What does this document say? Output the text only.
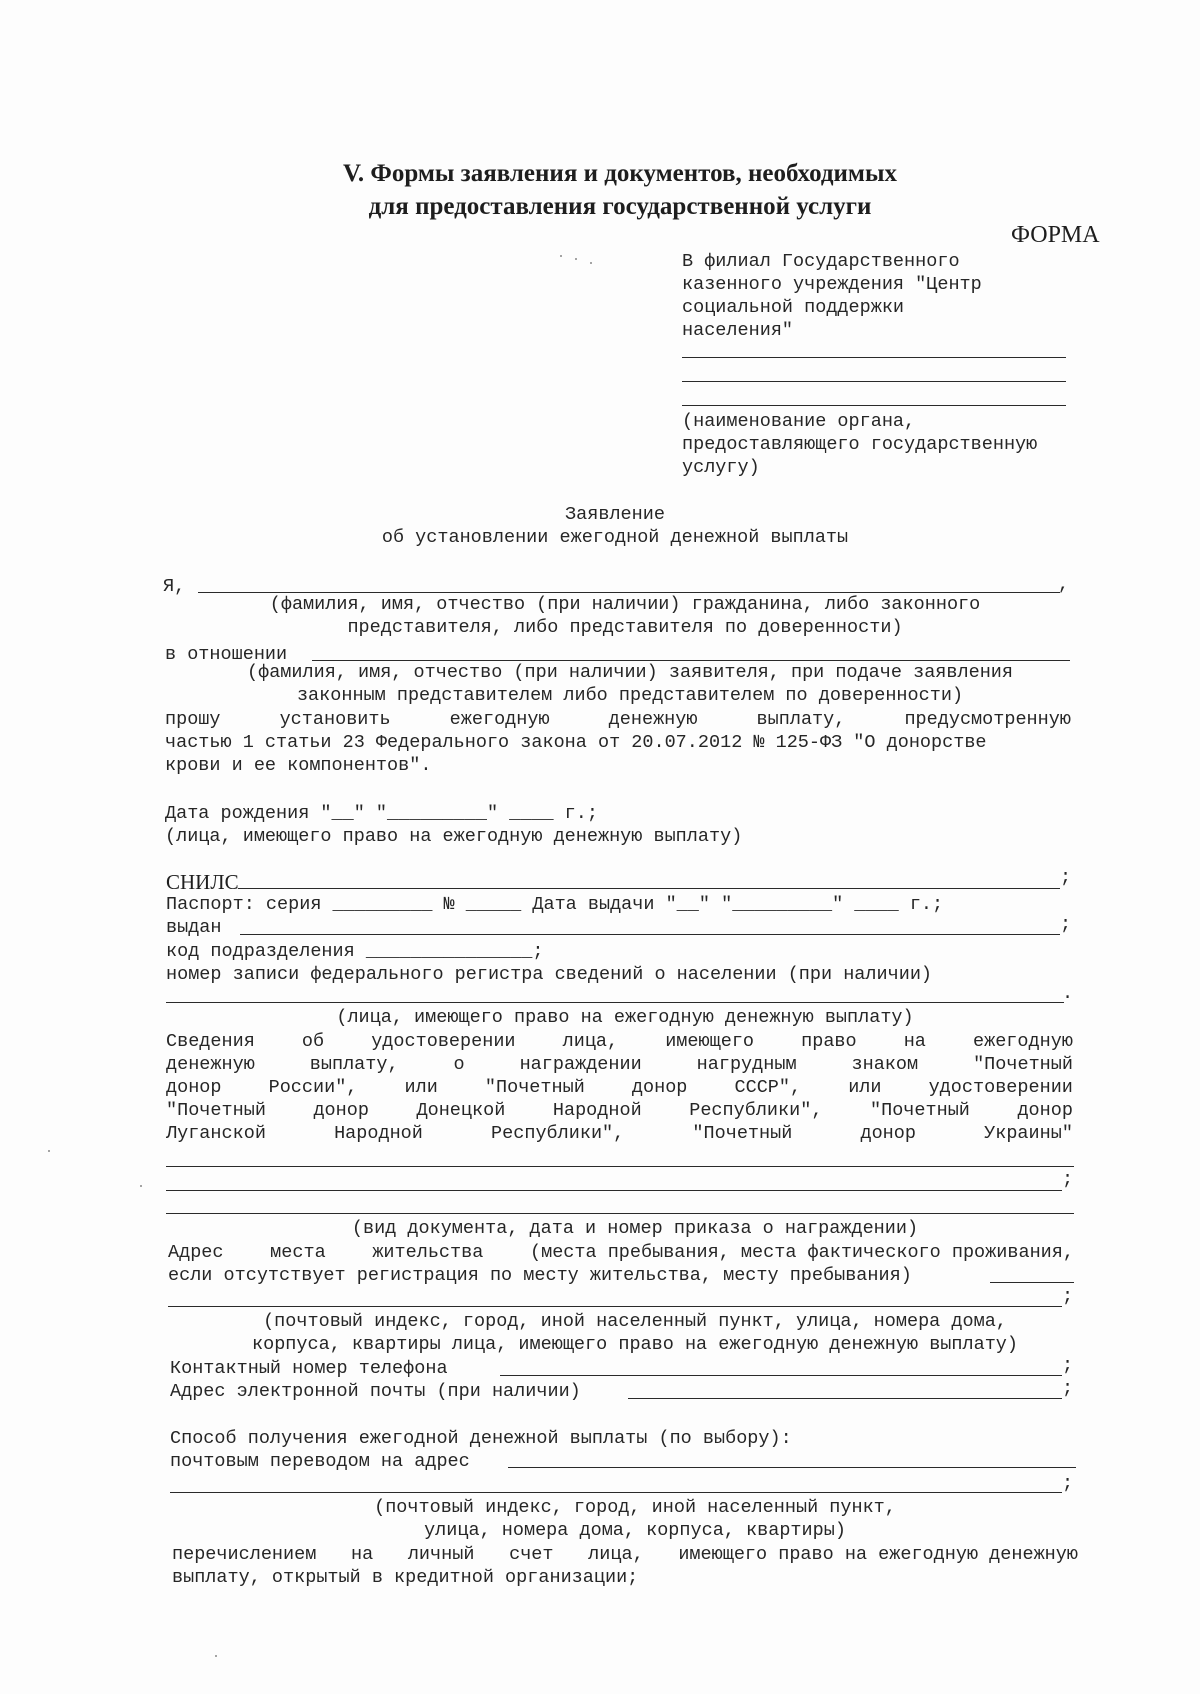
V. Формы заявления и документов, необходимых
для предоставления государственной услуги
ФОРМА
В филиал Государственного
казенного учреждения "Центр
социальной поддержки
населения"
(наименование органа,
предоставляющего государственную
услугу)
Заявление
об установлении ежегодной денежной выплаты
Я,	,
(фамилия, имя, отчество (при наличии) гражданина, либо законного
представителя, либо представителя по доверенности)
в отношении
(фамилия, имя, отчество (при наличии) заявителя, при подаче заявления
законным представителем либо представителем по доверенности)
прошу	установить	ежегодную	денежную	выплату,	предусмотренную
частью 1 статьи 23 Федерального закона от 20.07.2012 № 125-ФЗ "О донорстве
крови и ее компонентов".
Дата рождения "__" "_________" ____ г.;
(лица, имеющего право на ежегодную денежную выплату)
СНИЛС	;
Паспорт: серия _________ № _____ Дата выдачи "__" "_________" ____ г.;
выдан	;
код подразделения _______________;
номер записи федерального регистра сведений о населении (при наличии)
.
(лица, имеющего право на ежегодную денежную выплату)
Сведения	об	удостоверении	лица,	имеющего	право	на	ежегодную
денежную	выплату,	о	награждении	нагрудным	знаком	"Почетный
донор	России",	или	"Почетный	донор	СССР",	или	удостоверении
"Почетный	донор	Донецкой	Народной	Республики",	"Почетный	донор
Луганской	Народной	Республики",	"Почетный	донор	Украины"
;
(вид документа, дата и номер приказа о награждении)
Адрес	места	жительства	(места пребывания, места фактического проживания,
если отсутствует регистрация по месту жительства, месту пребывания)
;
(почтовый индекс, город, иной населенный пункт, улица, номера дома,
корпуса, квартиры лица, имеющего право на ежегодную денежную выплату)
Контактный номер телефона	;
Адрес электронной почты (при наличии)	;
Способ получения ежегодной денежной выплаты (по выбору):
почтовым переводом на адрес
;
(почтовый индекс, город, иной населенный пункт,
улица, номера дома, корпуса, квартиры)
перечислением на личный счет лица, имеющего право на ежегодную денежную
выплату, открытый в кредитной организации;
